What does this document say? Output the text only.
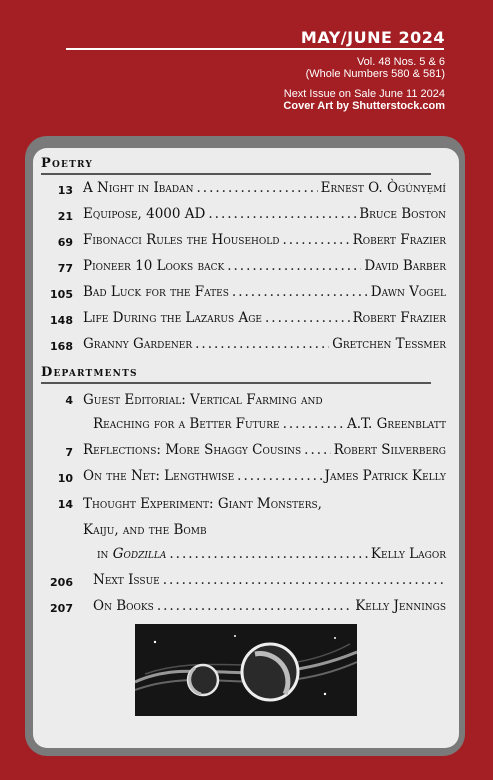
MAY/JUNE 2024
Vol. 48 Nos. 5 & 6
(Whole Numbers 580 & 581)
Next Issue on Sale June 11 2024
Cover Art by Shutterstock.com
Poetry
13 A Night in Ibadan .....	Ernest O. Ògúnyẹmí
21 Equipose, 4000 AD .....	Bruce Boston
69 Fibonacci Rules the Household .....	Robert Frazier
77 Pioneer 10 Looks back .....	David Barber
105 Bad Luck for the Fates .....	Dawn Vogel
148 Life During the Lazarus Age .....	Robert Frazier
168 Granny Gardener .....	Gretchen Tessmer
Departments
4 Guest Editorial: Vertical Farming and
Reaching for a Better Future .....	A.T. Greenblatt
7 Reflections: More Shaggy Cousins ..... Robert Silverberg
10 On the Net: Lengthwise .....	James Patrick Kelly
14 Thought Experiment: Giant Monsters,
Kaiju, and the Bomb
in Godzilla .....	Kelly Lagor
206 Next Issue
.....
207 On Books .....	Kelly Jennings
